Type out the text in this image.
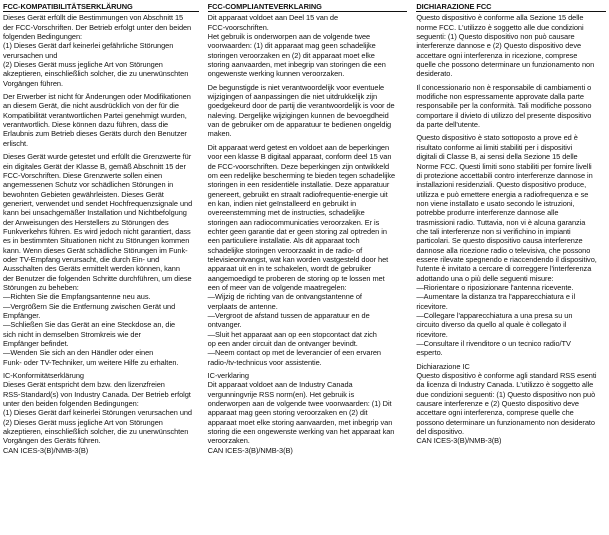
FCC-KOMPATIBILITÄTSERKLÄRUNG
Dieses Gerät erfüllt die Bestimmungen von Abschnitt 15
der FCC-Vorschriften. Der Betrieb erfolgt unter den beiden
folgenden Bedingungen:
(1) Dieses Gerät darf keinerlei gefährliche Störungen
verursachen und
(2) Dieses Gerät muss jegliche Art von Störungen
akzeptieren, einschließlich solcher, die zu unerwünschten
Vorgängen führen.
Der Erwerber ist nicht für Änderungen oder Modifikationen
an diesem Gerät, die nicht ausdrücklich von der für die
Kompatibilität verantwortlichen Partei genehmigt wurden,
verantwortlich. Diese können dazu führen, dass die
Erlaubnis zum Betrieb dieses Geräts durch den Benutzer
erlischt.
Dieses Gerät wurde getestet und erfüllt die Grenzwerte für
ein digitales Gerät der Klasse B, gemäß Abschnitt 15 der
FCC-Vorschriften. Diese Grenzwerte sollen einen
angemessenen Schutz vor schädlichen Störungen in
bewohnten Gebieten gewährleisten. Dieses Gerät
generiert, verwendet und sendet Hochfrequenzsignale und
kann bei unsachgemäßer Installation und Nichtbefolgung
der Anweisungen des Herstellers zu Störungen des
Funkverkehrs führen. Es wird jedoch nicht garantiert, dass
es in bestimmten Situationen nicht zu Störungen kommen
kann. Wenn dieses Gerät schädliche Störungen im Funk-
oder TV-Empfang verursacht, die durch Ein- und
Ausschalten des Geräts ermittelt werden können, kann
der Benutzer die folgenden Schritte durchführen, um diese
Störungen zu beheben:
—Richten Sie die Empfangsantenne neu aus.
—Vergrößern Sie die Entfernung zwischen Gerät und
Empfänger.
—Schließen Sie das Gerät an eine Steckdose an, die
sich nicht in demselben Stromkreis wie der
Empfänger befindet.
—Wenden Sie sich an den Händler oder einen
Funk- oder TV-Techniker, um weitere Hilfe zu erhalten.
IC-Konformitätserklärung
Dieses Gerät entspricht dem bzw. den lizenzfreien
RSS-Standard(s) von Industry Canada. Der Betrieb erfolgt
unter den beiden folgenden Bedingungen:
(1) Dieses Gerät darf keinerlei Störungen verursachen und
(2) Dieses Gerät muss jegliche Art von Störungen
akzeptieren, einschließlich solcher, die zu unerwünschten
Vorgängen des Geräts führen.
CAN ICES-3(B)/NMB-3(B)
FCC-COMPLIANTEVERKLARING
Dit apparaat voldoet aan Deel 15 van de
FCC-voorschriften.
Het gebruik is onderworpen aan de volgende twee
voorwaarden: (1) dit apparaat mag geen schadelijke
storingen veroorzaken en (2) dit apparaat moet elke
storing aanvaarden, met inbegrip van storingen die een
ongewenste werking kunnen veroorzaken.
De begunstigde is niet verantwoordelijk voor eventuele
wijzigingen of aanpassingen die niet uitdrukkelijk zijn
goedgekeurd door de partij die verantwoordelijk is voor de
naleving. Dergelijke wijzigingen kunnen de bevoegdheid
van de gebruiker om de apparatuur te bedienen ongeldig
maken.
Dit apparaat werd getest en voldoet aan de beperkingen
voor een klasse B digitaal apparaat, conform deel 15 van
de FCC-voorschriften. Deze beperkingen zijn ontwikkeld
om een redelijke bescherming te bieden tegen schadelijke
storingen in een residentiële installatie. Deze apparatuur
genereert, gebruikt en straalt radiofrequentie-energie uit
en kan, indien niet geïnstalleerd en gebruikt in
overeenstemming met de instructies, schadelijke
storingen aan radiocommunicaties veroorzaken. Er is
echter geen garantie dat er geen storing zal optreden in
een particuliere installatie. Als dit apparaat toch
schadelijke storingen veroorzaakt in de radio- of
televisieontvangst, wat kan worden vastgesteld door het
apparaat uit en in te schakelen, wordt de gebruiker
aangemoedigd te proberen de storing op te lossen met
een of meer van de volgende maatregelen:
—Wijzig de richting van de ontvangstantenne of
verplaats de antenne.
—Vergroot de afstand tussen de apparatuur en de
ontvanger.
—Sluit het apparaat aan op een stopcontact dat zich
op een ander circuit dan de ontvanger bevindt.
—Neem contact op met de leverancier of een ervaren
radio-/tv-technicus voor assistentie.
IC-verklaring
Dit apparaat voldoet aan de Industry Canada
vergunningvrije RSS norm(en). Het gebruik is
onderworpen aan de volgende twee voorwaarden: (1) Dit
apparaat mag geen storing veroorzaken en (2) dit
apparaat moet elke storing aanvaarden, met inbegrip van
storing die een ongewenste werking van het apparaat kan
veroorzaken.
CAN ICES-3(B)/NMB-3(B)
DICHIARAZIONE FCC
Questo dispositivo è conforme alla Sezione 15 delle
norme FCC. L'utilizzo è soggetto alle due condizioni
seguenti: (1) Questo dispositivo non può causare
interferenze dannose e (2) Questo dispositivo deve
accettare ogni interferenza in ricezione, comprese
quelle che possono determinare un funzionamento non
desiderato.
Il concessionario non è responsabile di cambiamenti o
modifiche non espressamente approvate dalla parte
responsabile per la conformità. Tali modifiche possono
comportare il divieto di utilizzo del presente dispositivo
da parte dell'utente.
Questo dispositivo è stato sottoposto a prove ed è
risultato conforme ai limiti stabiliti per i dispositivi
digitali di Classe B, ai sensi della Sezione 15 delle
Norme FCC. Questi limiti sono stabiliti per fornire livelli
di protezione accettabili contro interferenze dannose in
installazioni residenziali. Questo dispositivo produce,
utilizza e può emettere energia a radiofrequenza e se
non viene installato e usato secondo le istruzioni,
potrebbe produrre interferenze dannose alle
trasmissioni radio. Tuttavia, non vi è alcuna garanzia
che tali interferenze non si verifichino in impianti
particolari. Se questo dispositivo causa interferenze
dannose alla ricezione radio o televisiva, che possono
essere rilevate spegnendo e riaccendendo il dispositivo,
l'utente è invitato a cercare di correggere l'interferenza
adottando una o più delle seguenti misure:
—Riorientare o riposizionare l'antenna ricevente.
—Aumentare la distanza tra l'apparecchiatura e il
ricevitore.
—Collegare l'apparecchiatura a una presa su un
circuito diverso da quello al quale è collegato il
ricevitore.
—Consultare il rivenditore o un tecnico radio/TV
esperto.
Dichiarazione IC
Questo dispositivo è conforme agli standard RSS esenti
da licenza di Industry Canada. L'utilizzo è soggetto alle
due condizioni seguenti: (1) Questo dispositivo non può
causare interferenze e (2) Questo dispositivo deve
accettare ogni interferenza, comprese quelle che
possono determinare un funzionamento non desiderato
del dispositivo.
CAN ICES-3(B)/NMB-3(B)
